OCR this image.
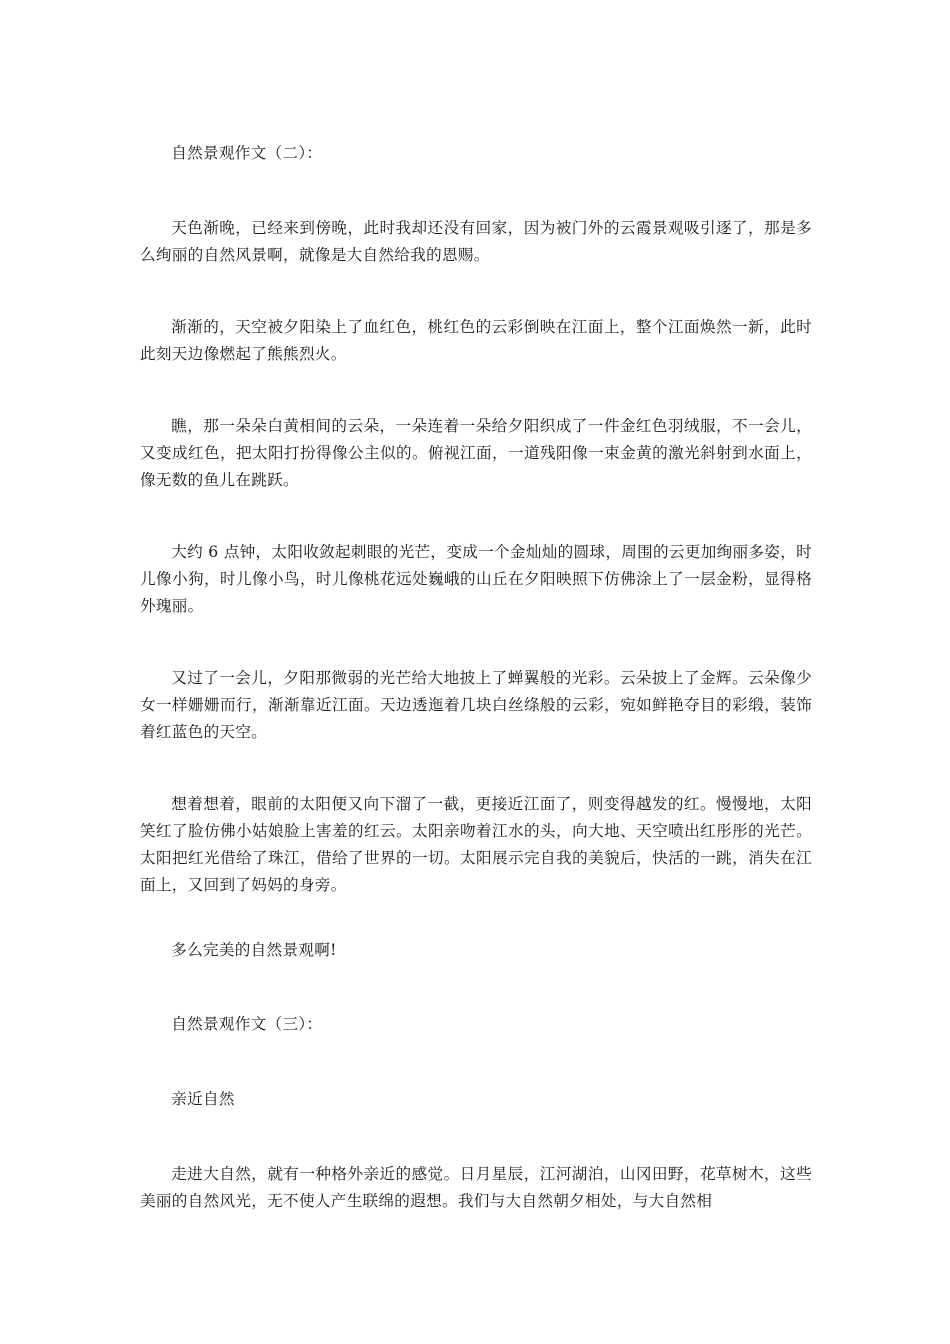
自然景观作文（二）：

天色渐晚，已经来到傍晚，此时我却还没有回家，因为被门外的云霞景观吸引逐了，那是多么绚丽的自然风景啊，就像是大自然给我的恩赐。

渐渐的，天空被夕阳染上了血红色，桃红色的云彩倒映在江面上，整个江面焕然一新，此时此刻天边像燃起了熊熊烈火。

瞧，那一朵朵白黄相间的云朵，一朵连着一朵给夕阳织成了一件金红色羽绒服，不一会儿，又变成红色，把太阳打扮得像公主似的。俯视江面，一道残阳像一束金黄的激光斜射到水面上，像无数的鱼儿在跳跃。

大约 6 点钟，太阳收敛起刺眼的光芒，变成一个金灿灿的圆球，周围的云更加绚丽多姿，时儿像小狗，时儿像小鸟，时儿像桃花远处巍峨的山丘在夕阳映照下仿佛涂上了一层金粉，显得格外瑰丽。

又过了一会儿，夕阳那微弱的光芒给大地披上了蝉翼般的光彩。云朵披上了金辉。云朵像少女一样姗姗而行，渐渐靠近江面。天边透迤着几块白丝绦般的云彩，宛如鲜艳夺目的彩缎，装饰着红蓝色的天空。

想着想着，眼前的太阳便又向下溜了一截，更接近江面了，则变得越发的红。慢慢地，太阳笑红了脸仿佛小姑娘脸上害羞的红云。太阳亲吻着江水的头，向大地、天空喷出红彤彤的光芒。太阳把红光借给了珠江，借给了世界的一切。太阳展示完自我的美貌后，快活的一跳，消失在江面上，又回到了妈妈的身旁。

多么完美的自然景观啊!

自然景观作文（三）：

亲近自然

走进大自然，就有一种格外亲近的感觉。日月星辰，江河湖泊，山冈田野，花草树木，这些美丽的自然风光，无不使人产生联绵的遐想。我们与大自然朝夕相处，与大自然相
